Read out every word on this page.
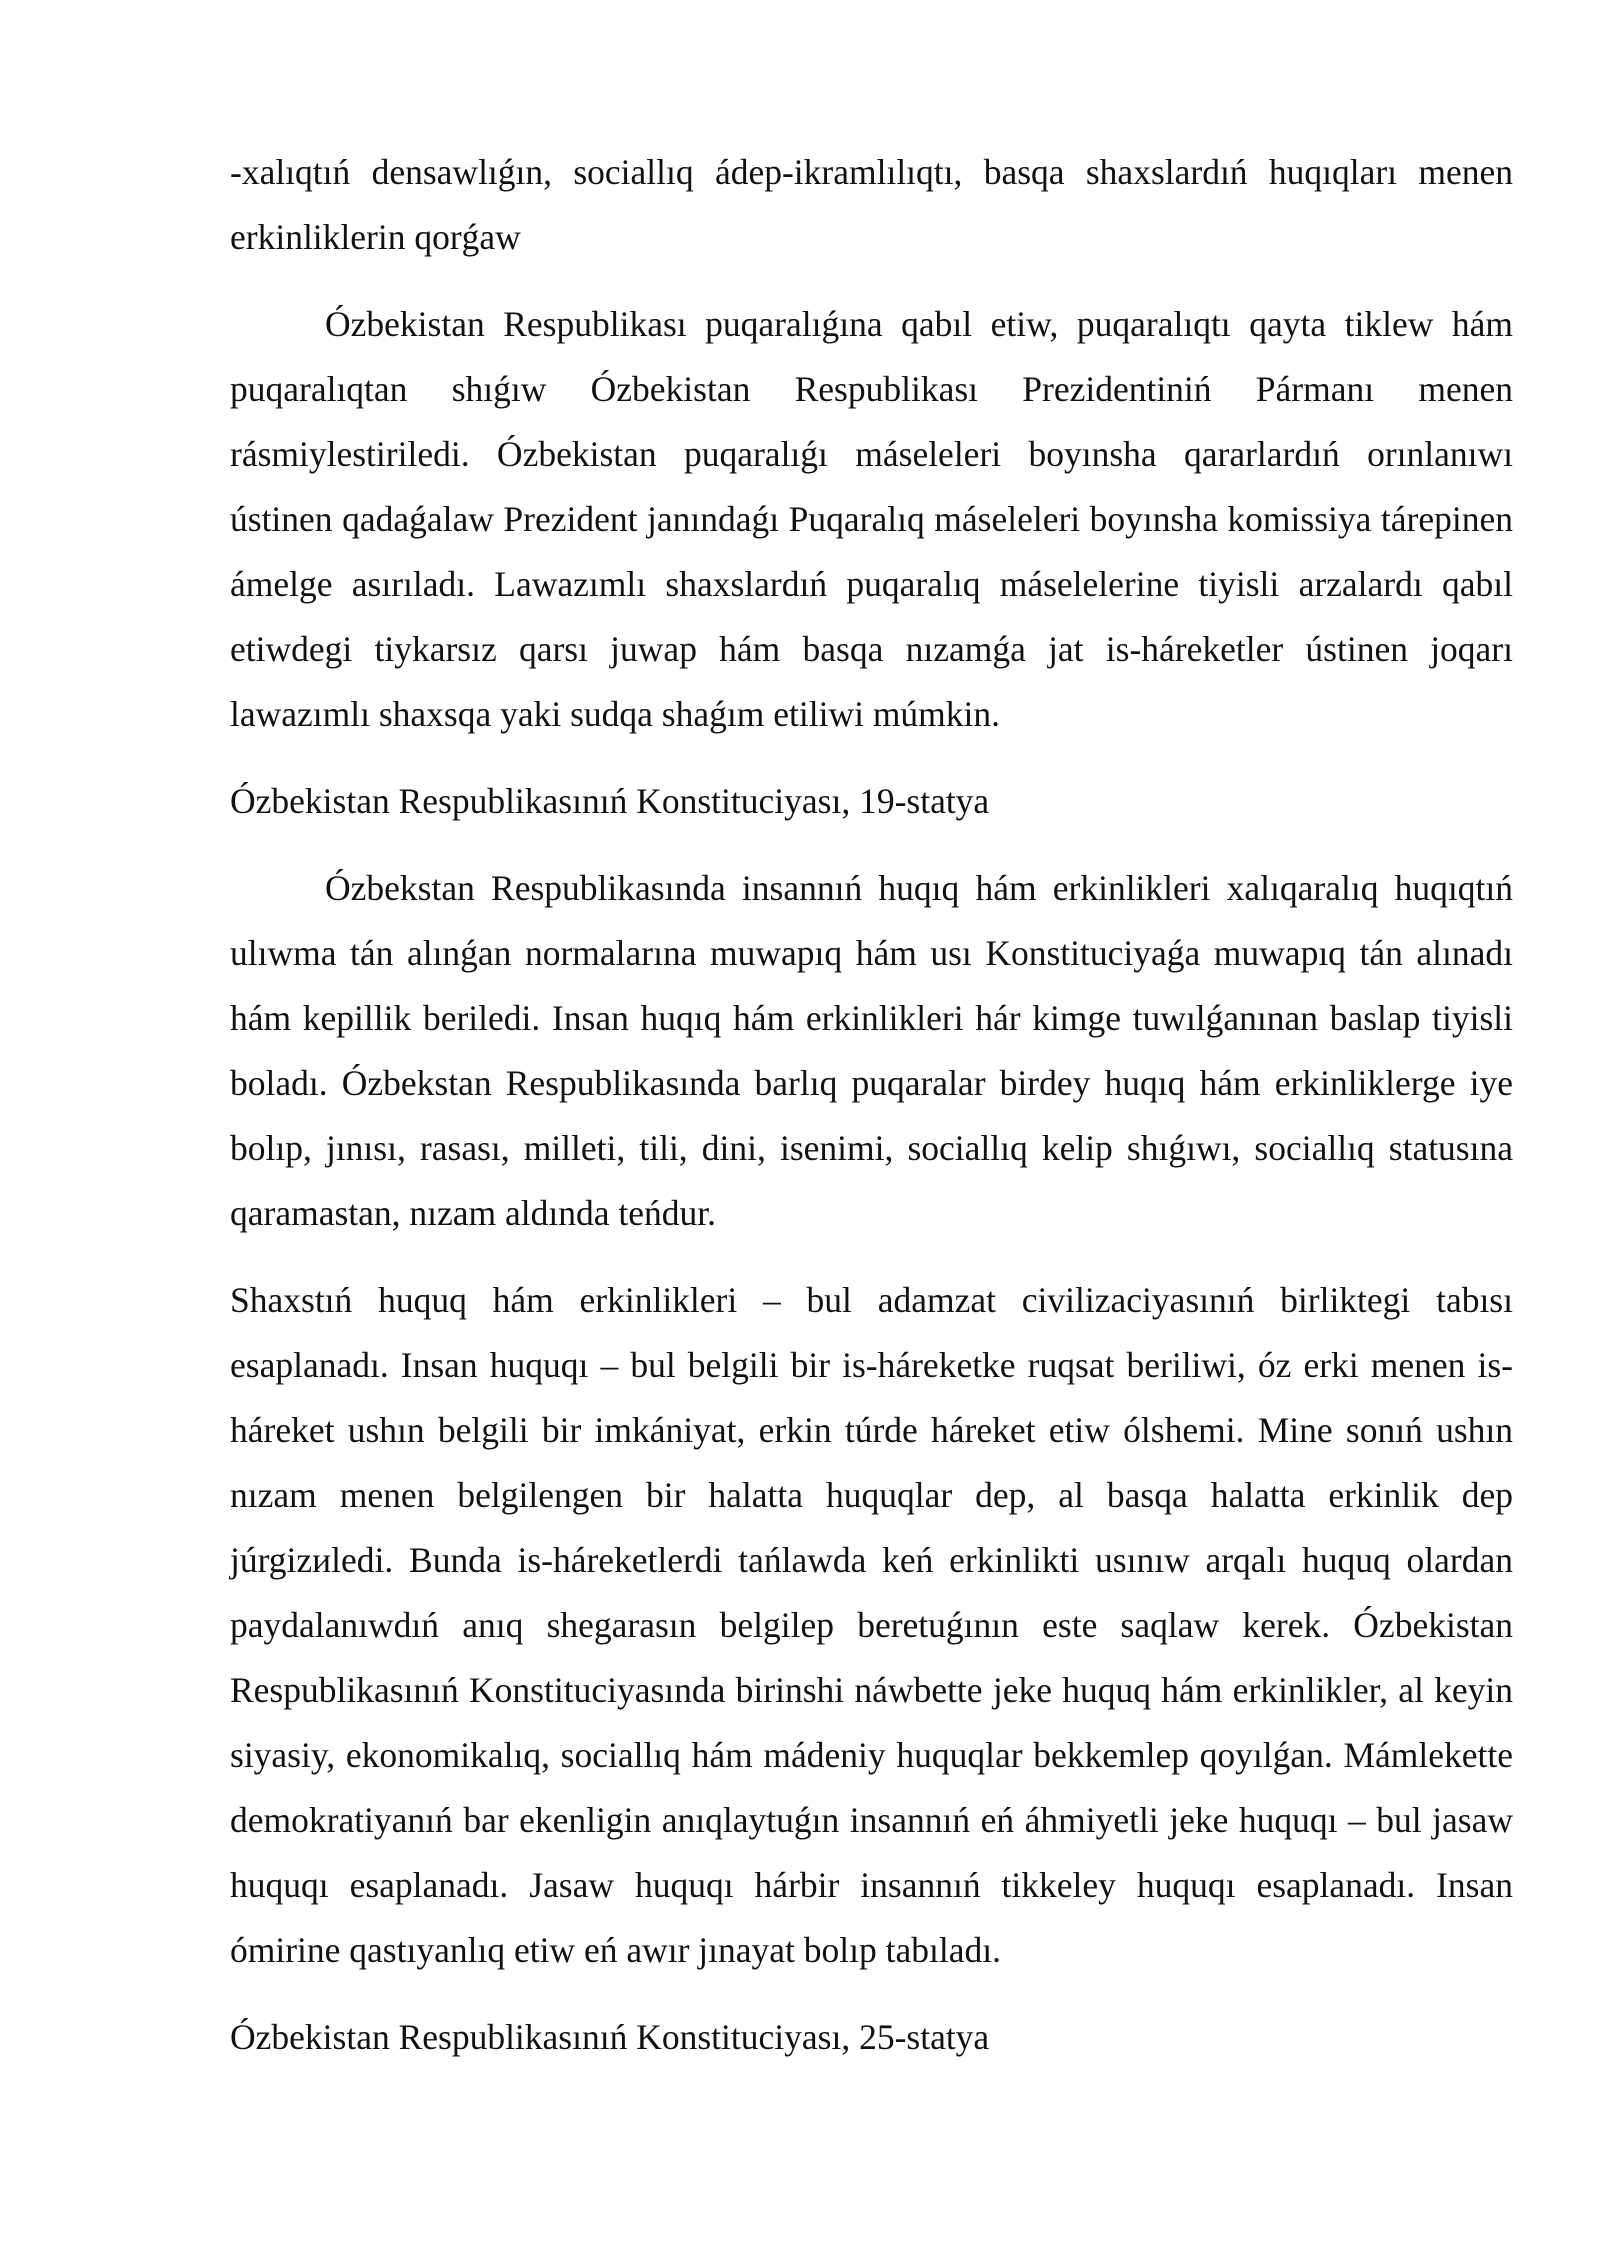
-xalıqtıń densawlıǵın, sociallıq ádep-ikramlılıqtı, basqa shaxslardıń huqıqları menen erkinliklerin qorǵaw

Ózbekistan Respublikası puqaralıǵına qabıl etiw, puqaralıqtı qayta tiklew hám puqaralıqtan shıǵıw Ózbekistan Respublikası Prezidentiniń Pármanı menen rásmiylestiriledi. Ózbekistan puqaralıǵı máseleleri boyınsha qararlardıń orınlanıwı ústinen qadaǵalaw Prezident janındaǵı Puqaralıq máseleleri boyınsha komissiya tárepinen ámelge asırıladı. Lawazımlı shaxslardıń puqaralıq máselelerine tiyisli arzalardı qabıl etiwdegi tiykarsız qarsı juwap hám basqa nızamǵa jat is-háreketler ústinen joqarı lawazımlı shaxsqa yaki sudqa shaǵım etiliwi múmkin.

Ózbekistan Respublikasınıń Konstituciyası, 19-statya

Ózbekstan Respublikasında insannıń huqıq hám erkinlikleri xalıqaralıq huqıqtıń ulıwma tán alınǵan normalarına muwapıq hám usı Konstituciyaǵa muwapıq tán alınadı hám kepillik beriledi. Insan huqıq hám erkinlikleri hár kimge tuwılǵanınan baslap tiyisli boladı. Ózbekstan Respublikasında barlıq puqaralar birdey huqıq hám erkinliklerge iye bolıp, jınısı, rasası, milleti, tili, dini, isenimi, sociallıq kelip shıǵıwı, sociallıq statusına qaramastan, nızam aldında teńdur.

Shaxstıń huquq hám erkinlikleri – bul adamzat civilizaciyasınıń birliktegi tabısı esaplanadı. Insan huquqı – bul belgili bir is-háreketke ruqsat beriliwi, óz erki menen is-háreket ushın belgili bir imkániyat, erkin túrde háreket etiw ólshemi. Mine sonıń ushın nızam menen belgilengen bir halatta huquqlar dep, al basqa halatta erkinlik dep júrgizиledi. Bunda is-háreketlerdi tańlawda keń erkinlikti usınıw arqalı huquq olardan paydalanıwdıń anıq shegarasın belgilep beretuǵının este saqlaw kerek. Ózbekistan Respublikasınıń Konstituciyasında birinshi náwbette jeke huquq hám erkinlikler, al keyin siyasiy, ekonomikalıq, sociallıq hám mádeniy huquqlar bekkemlep qoyılǵan. Mámlekette demokratiyanıń bar ekenligin anıqlaytuǵın insannıń eń áhmiyetli jeke huquqı – bul jasaw huquqı esaplanadı. Jasaw huquqı hárbir insannıń tikkeley huquqı esaplanadı. Insan ómirine qastıyanlıq etiw eń awır jınayat bolıp tabıladı.

Ózbekistan Respublikasınıń Konstituciyası, 25-statya
